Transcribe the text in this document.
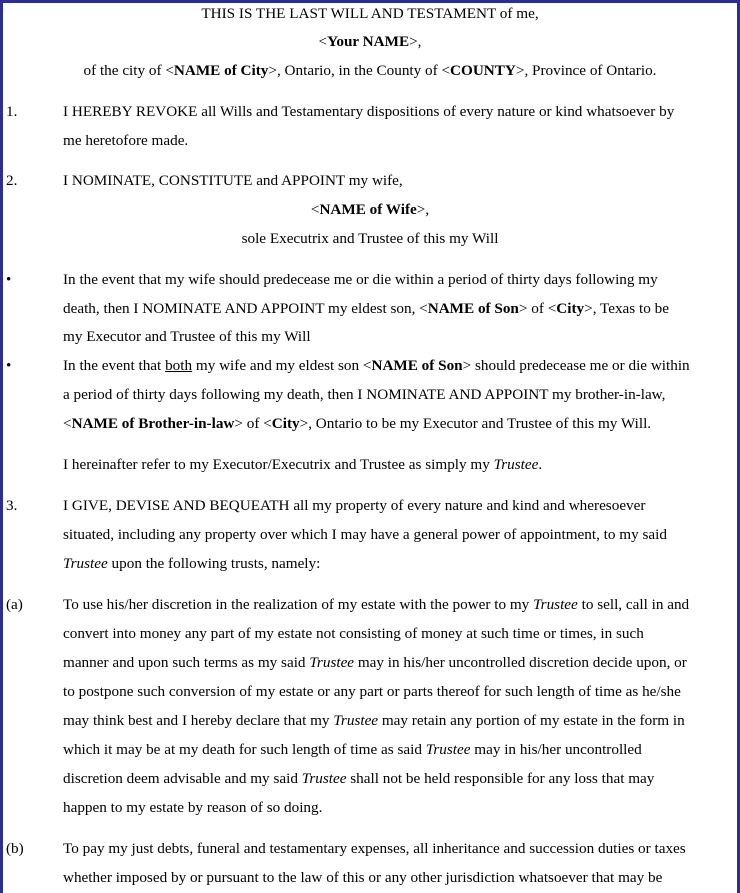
THIS IS THE LAST WILL AND TESTAMENT of me,
<Your NAME>,
of the city of <NAME of City>, Ontario, in the County of <COUNTY>, Province of Ontario.
1.	I HEREBY REVOKE all Wills and Testamentary dispositions of every nature or kind whatsoever by
me heretofore made.
2.	I NOMINATE, CONSTITUTE and APPOINT my wife,
<NAME of Wife>,
sole Executrix and Trustee of this my Will
•	In the event that my wife should predecease me or die within a period of thirty days following my
death, then I NOMINATE AND APPOINT my eldest son, <NAME of Son> of <City>, Texas to be
my Executor and Trustee of this my Will
•	In the event that both my wife and my eldest son <NAME of Son> should predecease me or die within
a period of thirty days following my death, then I NOMINATE AND APPOINT my brother-in-law,
<NAME of Brother-in-law> of <City>, Ontario to be my Executor and Trustee of this my Will.
I hereinafter refer to my Executor/Executrix and Trustee as simply my Trustee.
3.	I GIVE, DEVISE AND BEQUEATH all my property of every nature and kind and wheresoever
situated, including any property over which I may have a general power of appointment, to my said
Trustee upon the following trusts, namely:
(a)	To use his/her discretion in the realization of my estate with the power to my Trustee to sell, call in and
convert into money any part of my estate not consisting of money at such time or times, in such
manner and upon such terms as my said Trustee may in his/her uncontrolled discretion decide upon, or
to postpone such conversion of my estate or any part or parts thereof for such length of time as he/she
may think best and I hereby declare that my Trustee may retain any portion of my estate in the form in
which it may be at my death for such length of time as said Trustee may in his/her uncontrolled
discretion deem advisable and my said Trustee shall not be held responsible for any loss that may
happen to my estate by reason of so doing.
(b)	To pay my just debts, funeral and testamentary expenses, all inheritance and succession duties or taxes
whether imposed by or pursuant to the law of this or any other jurisdiction whatsoever that may be
